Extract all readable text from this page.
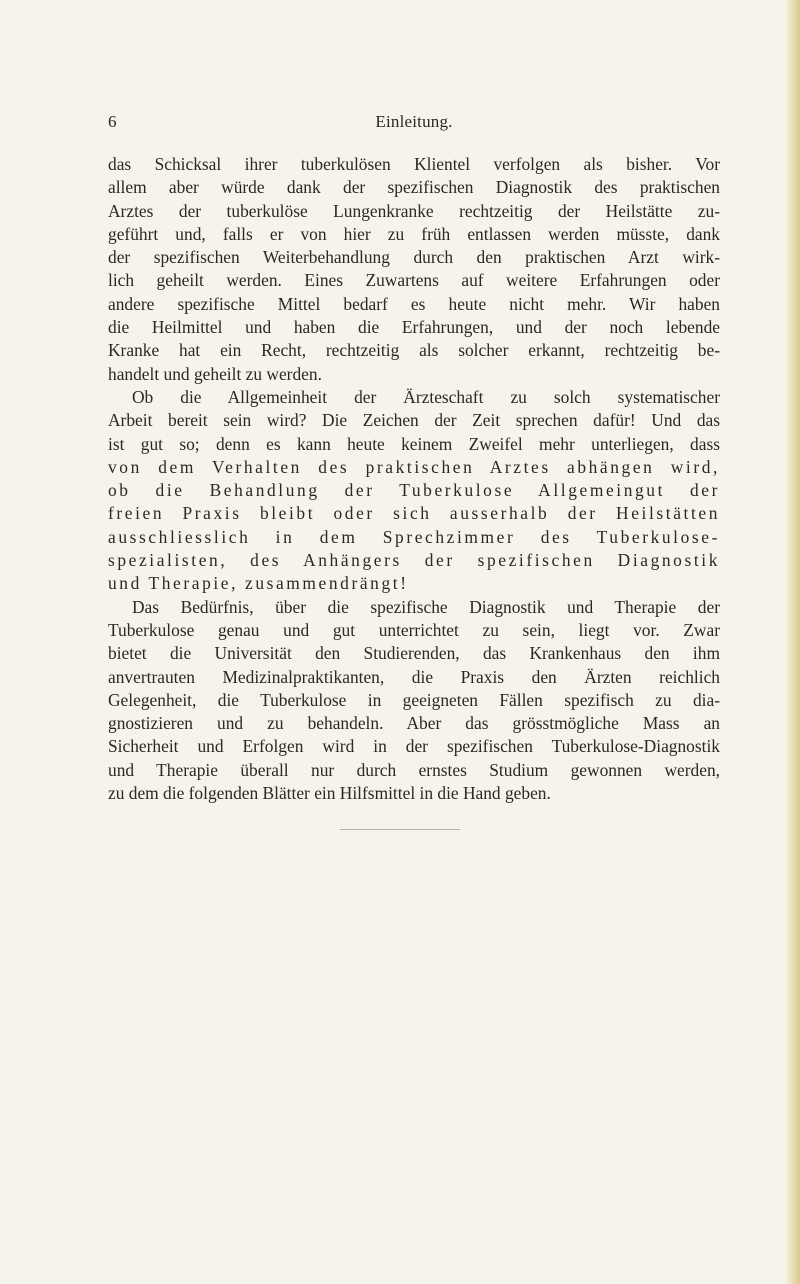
6	Einleitung.
das Schicksal ihrer tuberkulösen Klientel verfolgen als bisher. Vor
allem aber würde dank der spezifischen Diagnostik des praktischen
Arztes der tuberkulöse Lungenkranke rechtzeitig der Heilstätte zu-
geführt und, falls er von hier zu früh entlassen werden müsste, dank
der spezifischen Weiterbehandlung durch den praktischen Arzt wirk-
lich geheilt werden. Eines Zuwartens auf weitere Erfahrungen oder
andere spezifische Mittel bedarf es heute nicht mehr. Wir haben
die Heilmittel und haben die Erfahrungen, und der noch lebende
Kranke hat ein Recht, rechtzeitig als solcher erkannt, rechtzeitig be-
handelt und geheilt zu werden.
Ob die Allgemeinheit der Ärzteschaft zu solch systematischer
Arbeit bereit sein wird? Die Zeichen der Zeit sprechen dafür! Und das
ist gut so; denn es kann heute keinem Zweifel mehr unterliegen, dass
von dem Verhalten des praktischen Arztes abhängen wird,
ob die Behandlung der Tuberkulose Allgemeingut der
freien Praxis bleibt oder sich ausserhalb der Heilstätten
ausschliesslich in dem Sprechzimmer des Tuberkulose-
spezialisten, des Anhängers der spezifischen Diagnostik
und Therapie, zusammendrängt!
Das Bedürfnis, über die spezifische Diagnostik und Therapie der
Tuberkulose genau und gut unterrichtet zu sein, liegt vor. Zwar
bietet die Universität den Studierenden, das Krankenhaus den ihm
anvertrauten Medizinalpraktikanten, die Praxis den Ärzten reichlich
Gelegenheit, die Tuberkulose in geeigneten Fällen spezifisch zu dia-
gnostizieren und zu behandeln. Aber das grösstmögliche Mass an
Sicherheit und Erfolgen wird in der spezifischen Tuberkulose-Diagnostik
und Therapie überall nur durch ernstes Studium gewonnen werden,
zu dem die folgenden Blätter ein Hilfsmittel in die Hand geben.
